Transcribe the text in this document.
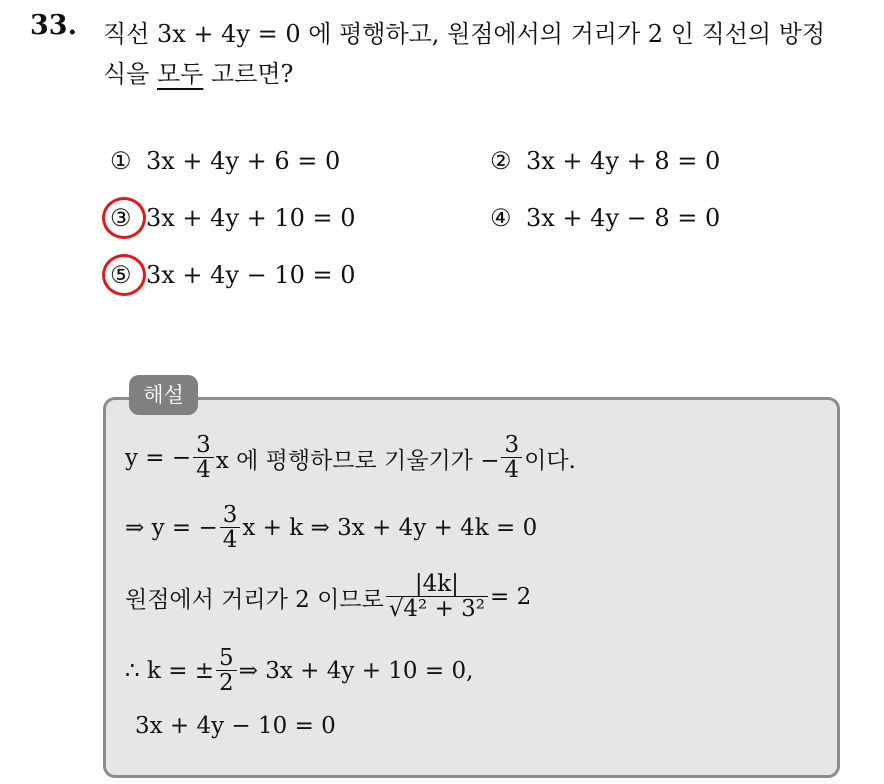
33. 직선 3x + 4y = 0 에 평행하고, 원점에서의 거리가 2 인 직선의 방정
식을 모두 고르면?
① 3x + 4y + 6 = 0	② 3x + 4y + 8 = 0
③ 3x + 4y + 10 = 0	④ 3x + 4y − 8 = 0
⑤ 3x + 4y − 10 = 0
해설
y = − $\frac{3}{4}$ x 에 평행하므로 기울기가 − $\frac{3}{4}$ 이다.
⇒ y = − $\frac{3}{4}$ x + k ⇒ 3x + 4y + 4k = 0
원점에서 거리가 2 이므로 $\frac{|4k|}{\text{√4² + 3²}} = 2$
∴ k = ± $\frac{5}{2}$ ⇒ 3x + 4y + 10 = 0,
3x + 4y − 10 = 0
